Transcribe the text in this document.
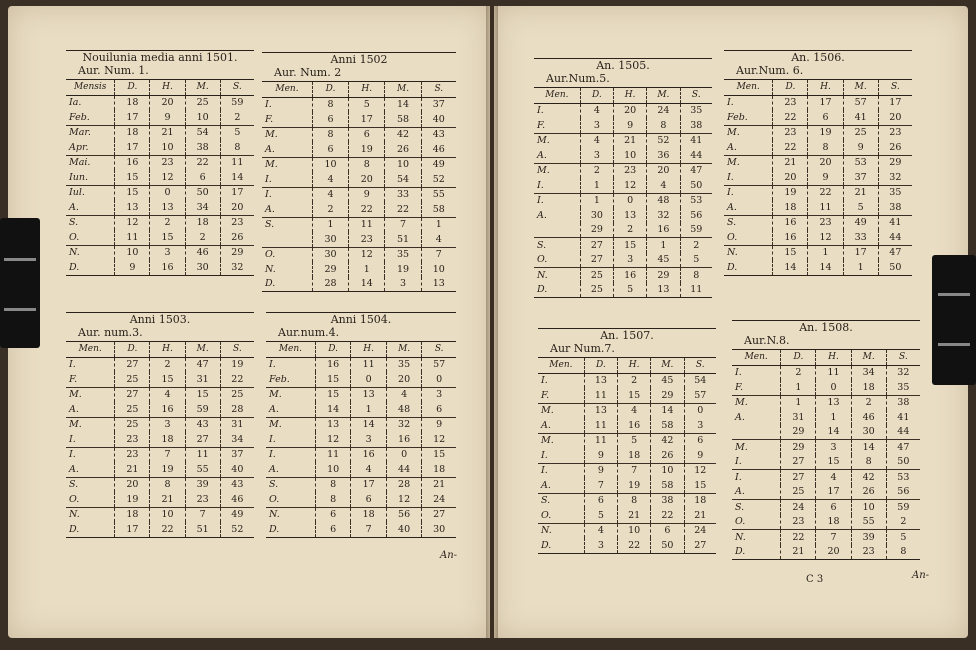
Nouilunia media anni 1501.
Aur. Num. 1.
Mensis	D.	H.	M.	S.
Ia.	18	20	25	59
Feb.	17	9	10	2
Mar.	18	21	54	5
Apr.	17	10	38	8
Mai.	16	23	22	11
Iun.	15	12	6	14
Iul.	15	0	50	17
A.	13	13	34	20
S.	12	2	18	23
O.	11	15	2	26
N.	10	3	46	29
D.	9	16	30	32
Anni 1502
Aur. Num. 2
Men.	D.	H.	M.	S.
I.	8	5	14	37
F.	6	17	58	40
M.	8	6	42	43
A.	6	19	26	46
M.	10	8	10	49
I.	4	20	54	52
I.	4	9	33	55
A.	2	22	22	58
S.	1	11	7	1
	30	23	51	4
O.	30	12	35	7
N.	29	1	19	10
D.	28	14	3	13
Anni 1503.
Aur. num.3.
Men.	D.	H.	M.	S.
I.	27	2	47	19
F.	25	15	31	22
M.	27	4	15	25
A.	25	16	59	28
M.	25	3	43	31
I.	23	18	27	34
I.	23	7	11	37
A.	21	19	55	40
S.	20	8	39	43
O.	19	21	23	46
N.	18	10	7	49
D.	17	22	51	52
Anni 1504.
Aur.num.4.
Men.	D.	H.	M.	S.
I.	16	11	35	57
Feb.	15	0	20	0
M.	15	13	4	3
A.	14	1	48	6
M.	13	14	32	9
I.	12	3	16	12
I.	11	16	0	15
A.	10	4	44	18
S.	8	17	28	21
O.	8	6	12	24
N.	6	18	56	27
D.	6	7	40	30
An. 1505.
Aur.Num.5.
Men.	D.	H.	M.	S.
I.	4	20	24	35
F.	3	9	8	38
M.	4	21	52	41
A.	3	10	36	44
M.	2	23	20	47
I.	1	12	4	50
I.	1	0	48	53
A.	30	13	32	56
	29	2	16	59
S.	27	15	1	2
O.	27	3	45	5
N.	25	16	29	8
D.	25	5	13	11
An. 1506.
Aur.Num. 6.
Men.	D.	H.	M.	S.
I.	23	17	57	17
Feb.	22	6	41	20
M.	23	19	25	23
A.	22	8	9	26
M.	21	20	53	29
I.	20	9	37	32
I.	19	22	21	35
A.	18	11	5	38
S.	16	23	49	41
O.	16	12	33	44
N.	15	1	17	47
D.	14	14	1	50
An. 1507.
Aur Num.7.
Men.	D.	H.	M.	S.
I.	13	2	45	54
F.	11	15	29	57
M.	13	4	14	0
A.	11	16	58	3
M.	11	5	42	6
I.	9	18	26	9
I.	9	7	10	12
A.	7	19	58	15
S.	6	8	38	18
O.	5	21	22	21
N.	4	10	6	24
D.	3	22	50	27
An. 1508.
Aur.N.8.
Men.	D.	H.	M.	S.
I.	2	11	34	32
F.	1	0	18	35
M.	1	13	2	38
A.	31	1	46	41
	29	14	30	44
M.	29	3	14	47
I.	27	15	8	50
I.	27	4	42	53
A.	25	17	26	56
S.	24	6	10	59
O.	23	18	55	2
N.	22	7	39	5
D.	21	20	23	8
An-
C 3	An-
